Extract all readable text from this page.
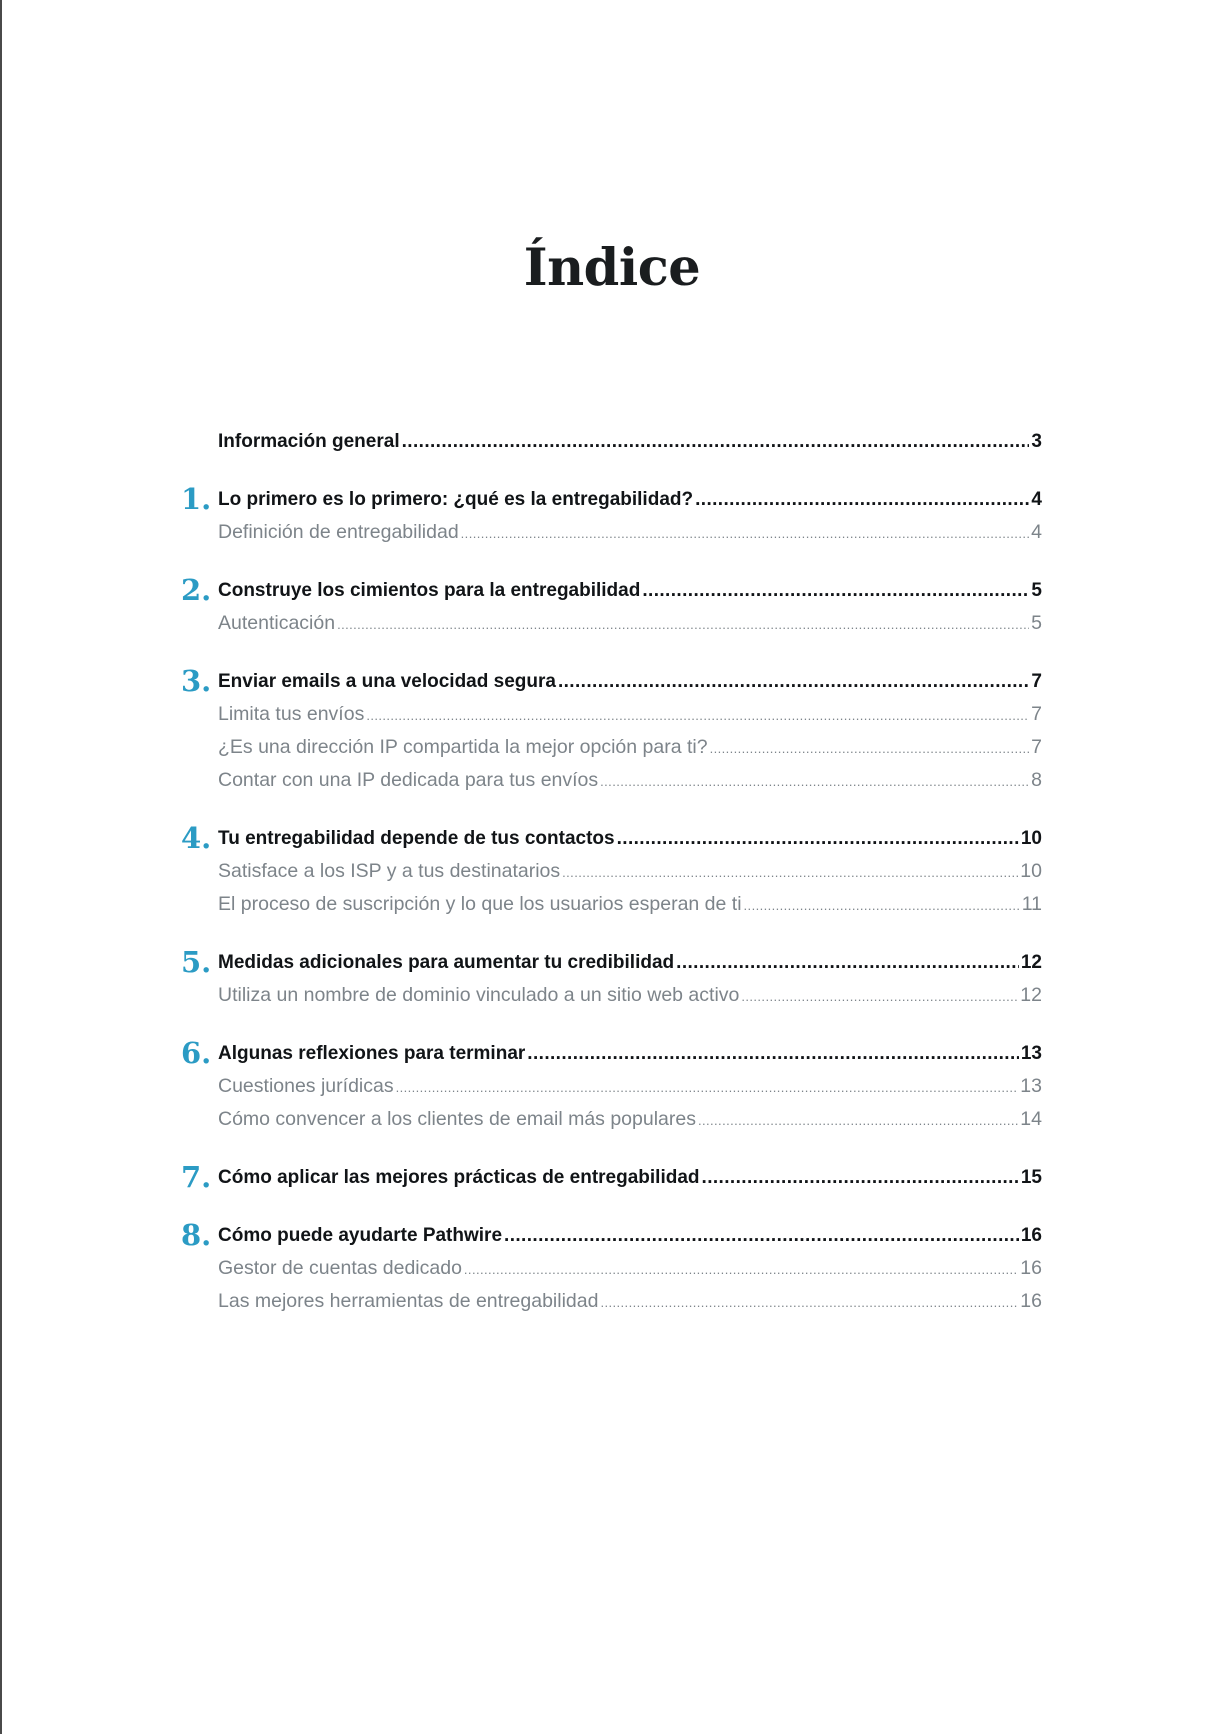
Índice
Información general .....	3
1. Lo primero es lo primero: ¿qué es la entregabilidad? .....	4
Definición de entregabilidad .....	4
2. Construye los cimientos para la entregabilidad .....	5
Autenticación .....	5
3. Enviar emails a una velocidad segura .....	7
Limita tus envíos .....	7
¿Es una dirección IP compartida la mejor opción para ti? .....	7
Contar con una IP dedicada para tus envíos .....	8
4. Tu entregabilidad depende de tus contactos .....	10
Satisface a los ISP y a tus destinatarios .....	10
El proceso de suscripción y lo que los usuarios esperan de ti .....	11
5. Medidas adicionales para aumentar tu credibilidad .....	12
Utiliza un nombre de dominio vinculado a un sitio web activo .....	12
6. Algunas reflexiones para terminar .....	13
Cuestiones jurídicas .....	13
Cómo convencer a los clientes de email más populares .....	14
7. Cómo aplicar las mejores prácticas de entregabilidad .....	15
8. Cómo puede ayudarte Pathwire .....	16
Gestor de cuentas dedicado .....	16
Las mejores herramientas de entregabilidad .....	16
